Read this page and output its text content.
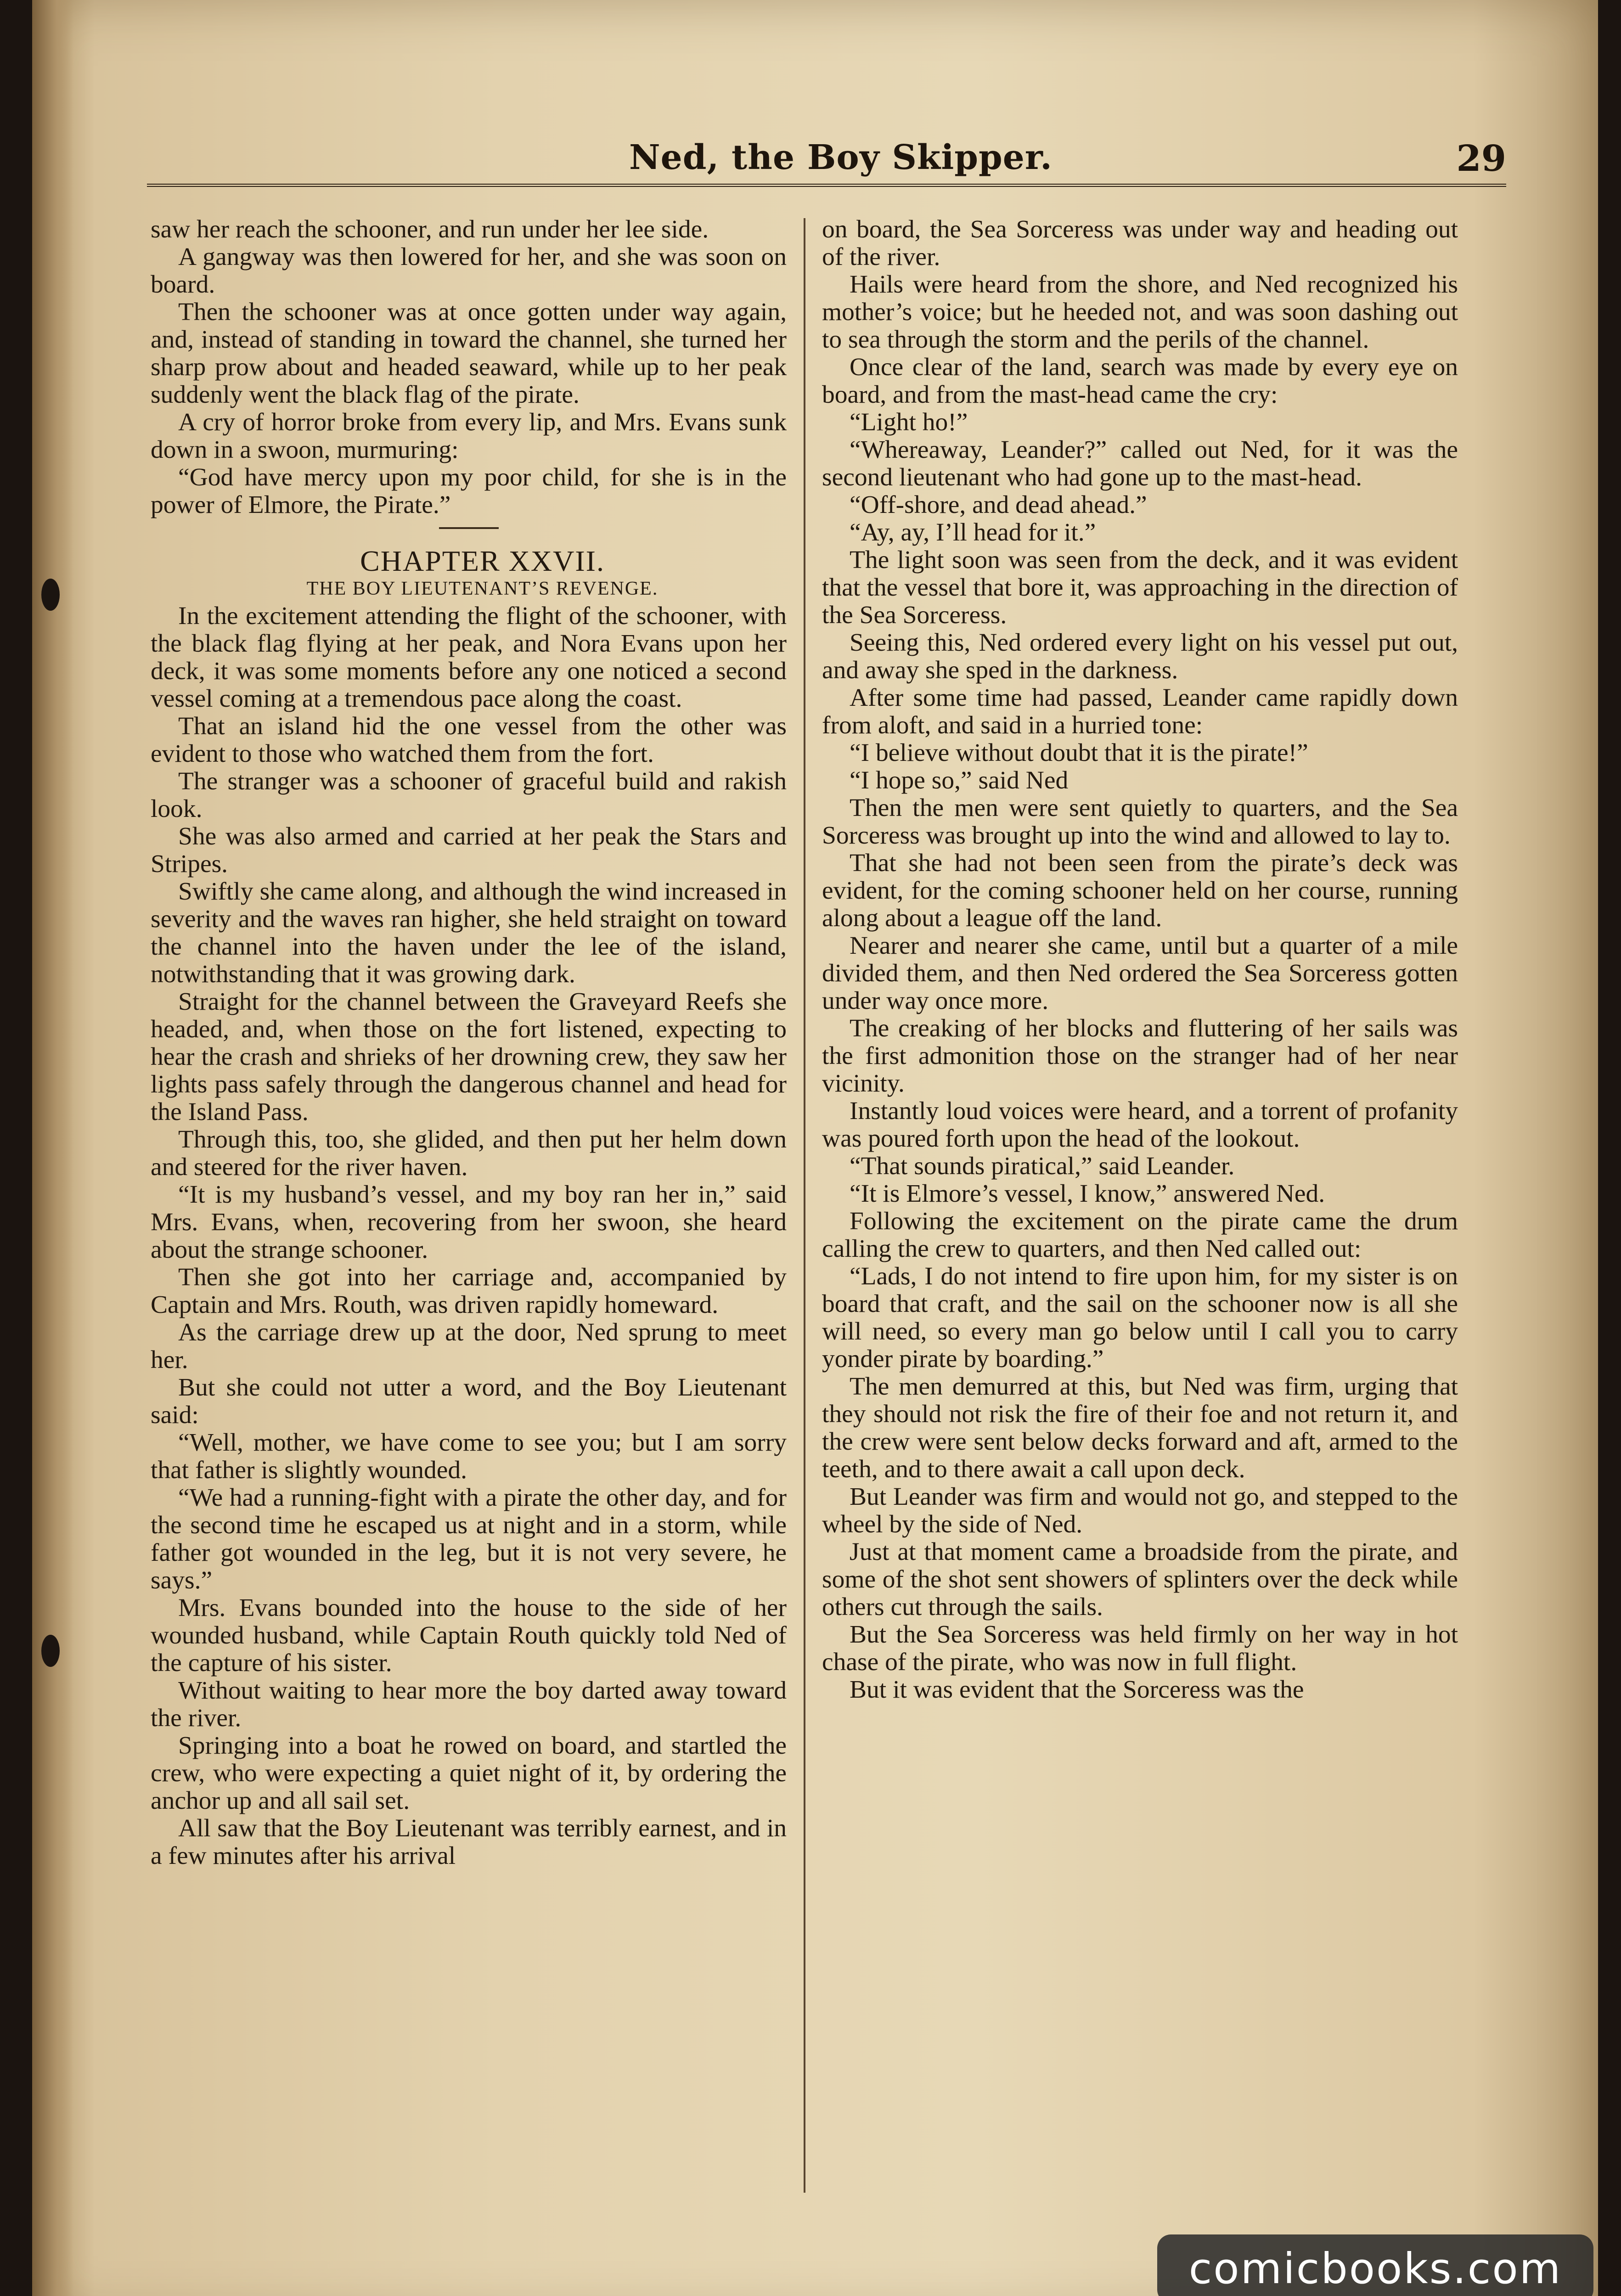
Ned, the Boy Skipper.	29

saw her reach the schooner, and run under her lee side.

A gangway was then lowered for her, and she was soon on board.

Then the schooner was at once gotten under way again, and, instead of standing in toward the channel, she turned her sharp prow about and headed seaward, while up to her peak suddenly went the black flag of the pirate.

A cry of horror broke from every lip, and Mrs. Evans sunk down in a swoon, murmuring:

“God have mercy upon my poor child, for she is in the power of Elmore, the Pirate.”

CHAPTER XXVII.

THE BOY LIEUTENANT’S REVENGE.

In the excitement attending the flight of the schooner, with the black flag flying at her peak, and Nora Evans upon her deck, it was some moments before any one noticed a second vessel coming at a tremendous pace along the coast.

That an island hid the one vessel from the other was evident to those who watched them from the fort.

The stranger was a schooner of graceful build and rakish look.

She was also armed and carried at her peak the Stars and Stripes.

Swiftly she came along, and although the wind increased in severity and the waves ran higher, she held straight on toward the channel into the haven under the lee of the island, notwithstanding that it was growing dark.

Straight for the channel between the Graveyard Reefs she headed, and, when those on the fort listened, expecting to hear the crash and shrieks of her drowning crew, they saw her lights pass safely through the dangerous channel and head for the Island Pass.

Through this, too, she glided, and then put her helm down and steered for the river haven.

“It is my husband’s vessel, and my boy ran her in,” said Mrs. Evans, when, recovering from her swoon, she heard about the strange schooner.

Then she got into her carriage and, accompanied by Captain and Mrs. Routh, was driven rapidly homeward.

As the carriage drew up at the door, Ned sprung to meet her.

But she could not utter a word, and the Boy Lieutenant said:

“Well, mother, we have come to see you; but I am sorry that father is slightly wounded.

“We had a running-fight with a pirate the other day, and for the second time he escaped us at night and in a storm, while father got wounded in the leg, but it is not very severe, he says.”

Mrs. Evans bounded into the house to the side of her wounded husband, while Captain Routh quickly told Ned of the capture of his sister.

Without waiting to hear more the boy darted away toward the river.

Springing into a boat he rowed on board, and startled the crew, who were expecting a quiet night of it, by ordering the anchor up and all sail set.

All saw that the Boy Lieutenant was terribly earnest, and in a few minutes after his arrival

on board, the Sea Sorceress was under way and heading out of the river.

Hails were heard from the shore, and Ned recognized his mother’s voice; but he heeded not, and was soon dashing out to sea through the storm and the perils of the channel.

Once clear of the land, search was made by every eye on board, and from the mast-head came the cry:

“Light ho!”

“Whereaway, Leander?” called out Ned, for it was the second lieutenant who had gone up to the mast-head.

“Off-shore, and dead ahead.”

“Ay, ay, I’ll head for it.”

The light soon was seen from the deck, and it was evident that the vessel that bore it, was approaching in the direction of the Sea Sorceress.

Seeing this, Ned ordered every light on his vessel put out, and away she sped in the darkness.

After some time had passed, Leander came rapidly down from aloft, and said in a hurried tone:

“I believe without doubt that it is the pirate!”

“I hope so,” said Ned

Then the men were sent quietly to quarters, and the Sea Sorceress was brought up into the wind and allowed to lay to.

That she had not been seen from the pirate’s deck was evident, for the coming schooner held on her course, running along about a league off the land.

Nearer and nearer she came, until but a quarter of a mile divided them, and then Ned ordered the Sea Sorceress gotten under way once more.

The creaking of her blocks and fluttering of her sails was the first admonition those on the stranger had of her near vicinity.

Instantly loud voices were heard, and a torrent of profanity was poured forth upon the head of the lookout.

“That sounds piratical,” said Leander.

“It is Elmore’s vessel, I know,” answered Ned.

Following the excitement on the pirate came the drum calling the crew to quarters, and then Ned called out:

“Lads, I do not intend to fire upon him, for my sister is on board that craft, and the sail on the schooner now is all she will need, so every man go below until I call you to carry yonder pirate by boarding.”

The men demurred at this, but Ned was firm, urging that they should not risk the fire of their foe and not return it, and the crew were sent below decks forward and aft, armed to the teeth, and to there await a call upon deck.

But Leander was firm and would not go, and stepped to the wheel by the side of Ned.

Just at that moment came a broadside from the pirate, and some of the shot sent showers of splinters over the deck while others cut through the sails.

But the Sea Sorceress was held firmly on her way in hot chase of the pirate, who was now in full flight.

But it was evident that the Sorceress was the

comicbooks.com
